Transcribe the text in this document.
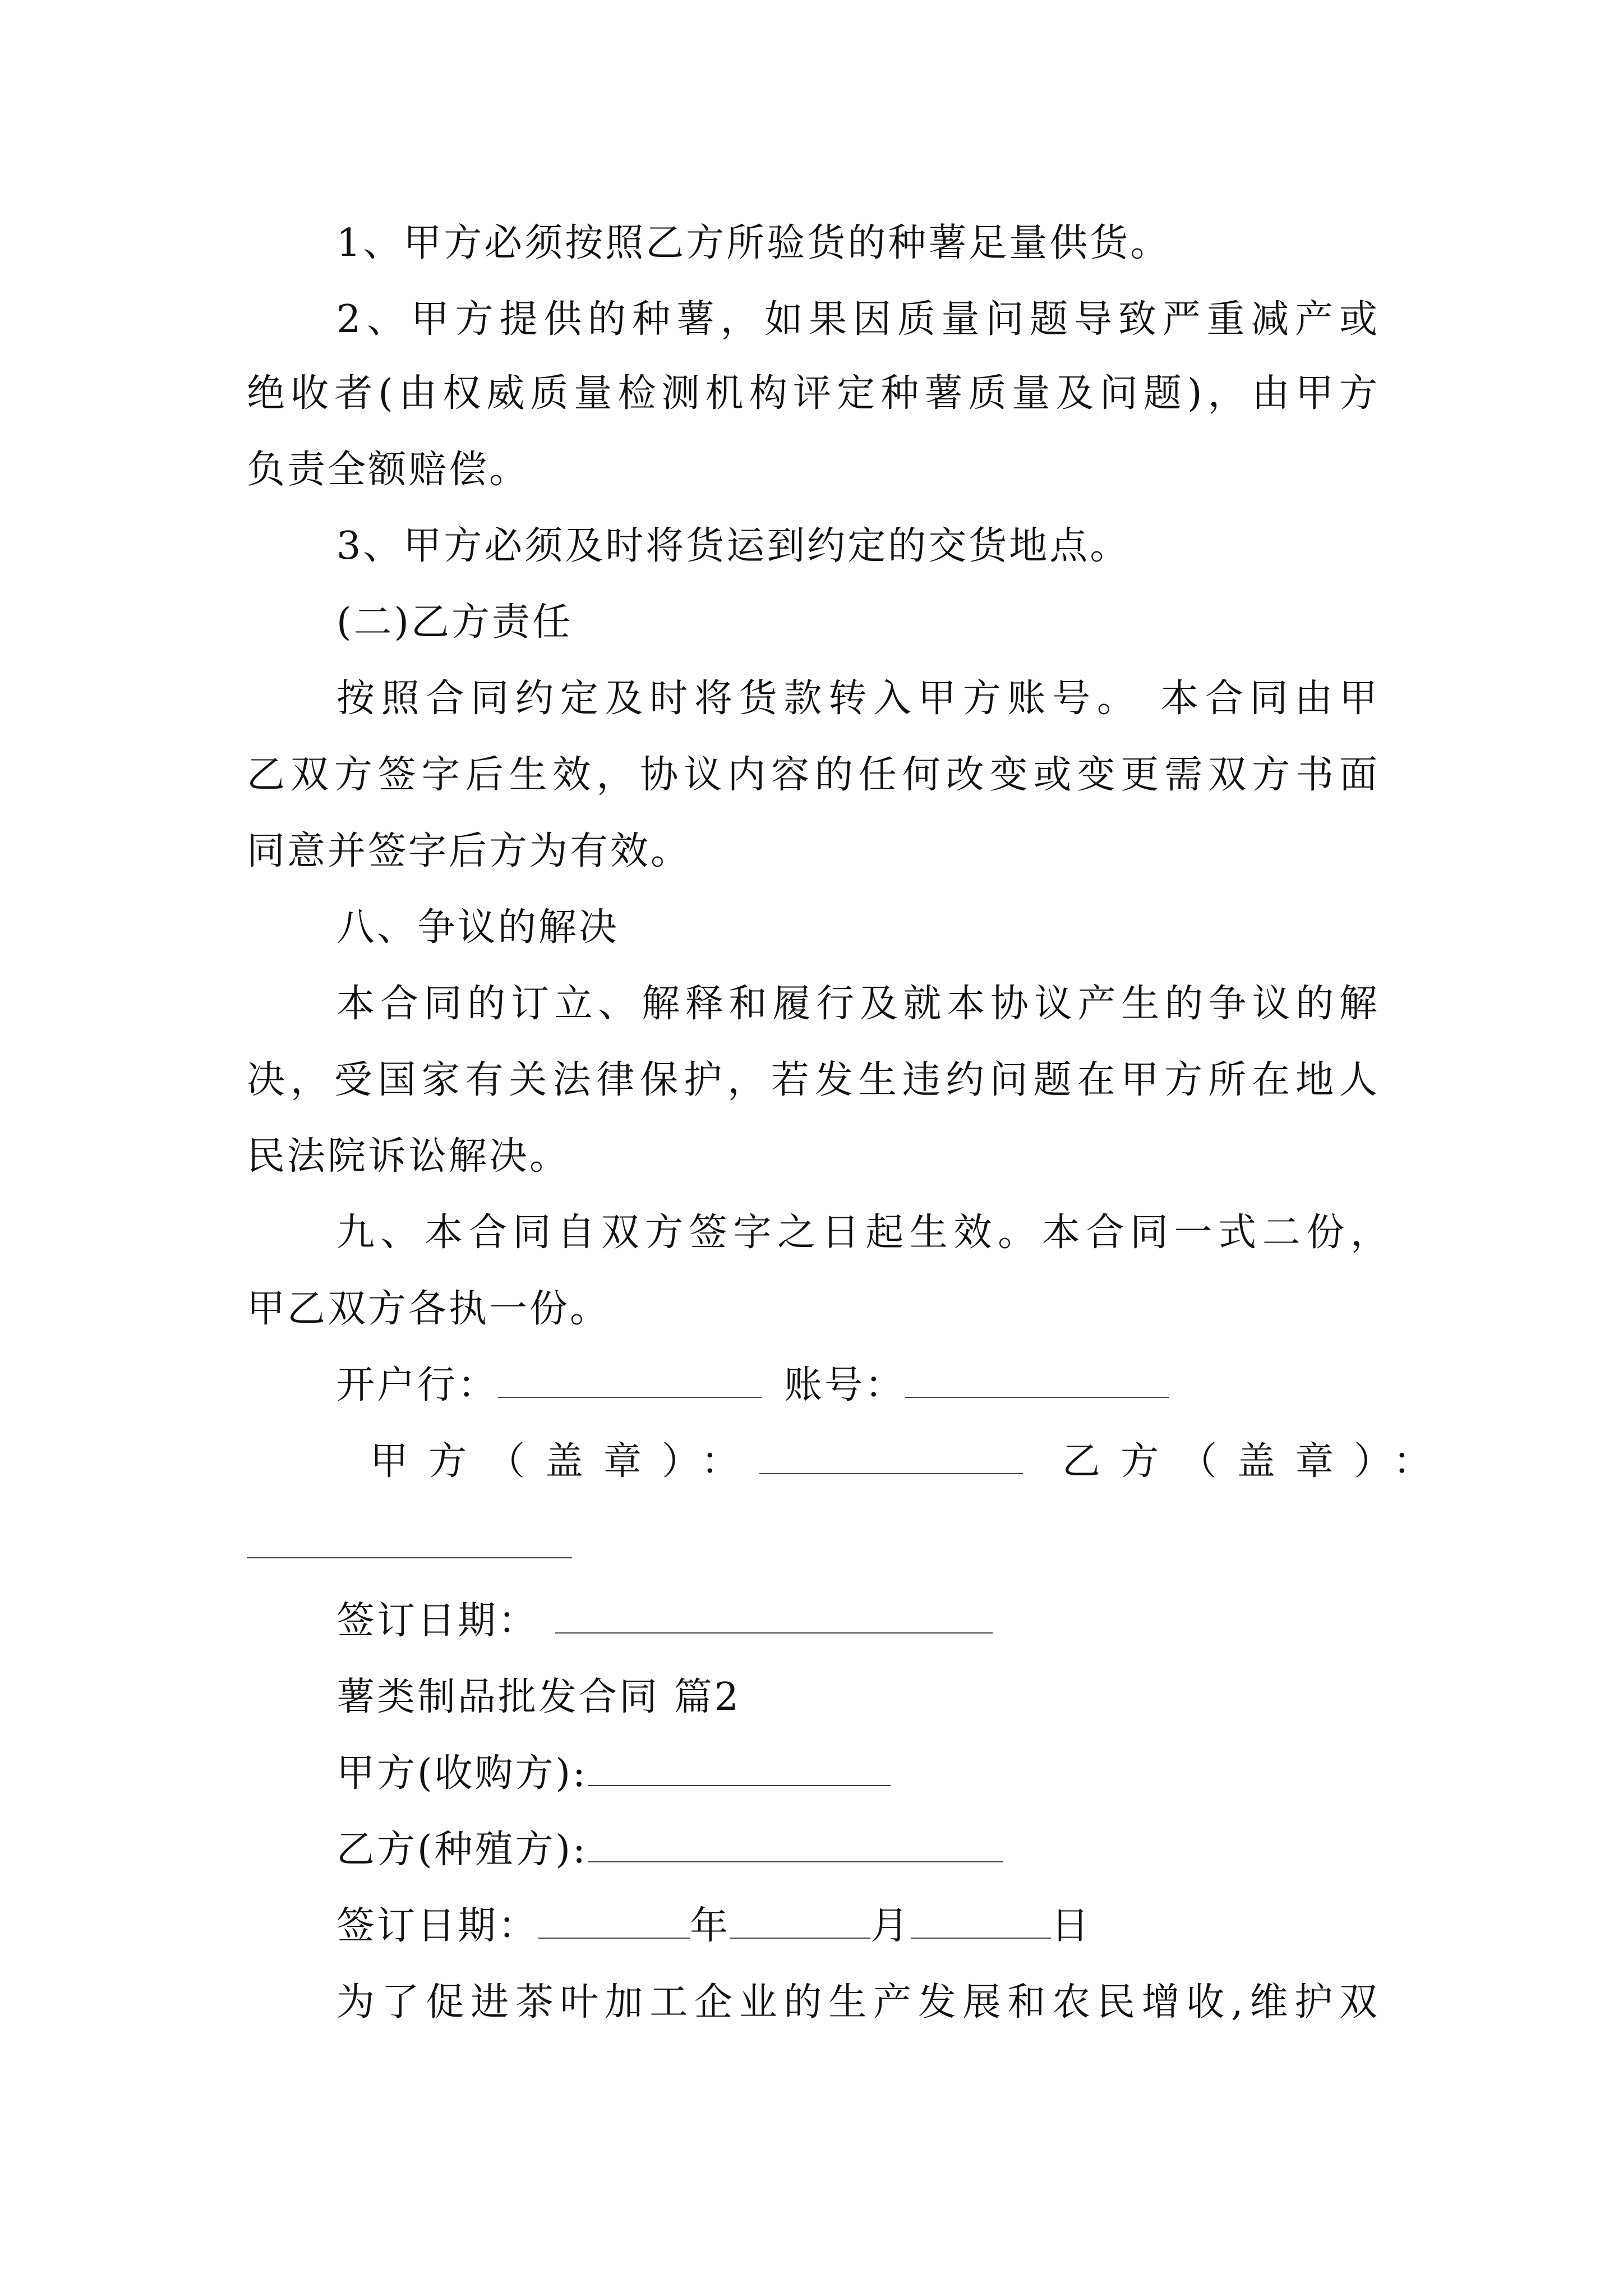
1、甲方必须按照乙方所验货的种薯足量供货。
2、甲方提供的种薯，如果因质量问题导致严重减产或
绝收者(由权威质量检测机构评定种薯质量及问题)，由甲方
负责全额赔偿。
3、甲方必须及时将货运到约定的交货地点。
(二)乙方责任
按照合同约定及时将货款转入甲方账号。 本合同由甲
乙双方签字后生效，协议内容的任何改变或变更需双方书面
同意并签字后方为有效。
八、争议的解决
本合同的订立、解释和履行及就本协议产生的争议的解
决，受国家有关法律保护，若发生违约问题在甲方所在地人
民法院诉讼解决。
九、本合同自双方签字之日起生效。本合同一式二份，
甲乙双方各执一份。
开户行：	账号：
甲方（盖章）：	乙方（盖章）：
签订日期：
薯类制品批发合同 篇2
甲方(收购方):
乙方(种殖方):
签订日期：	年	月	日
为了促进茶叶加工企业的生产发展和农民增收,维护双
